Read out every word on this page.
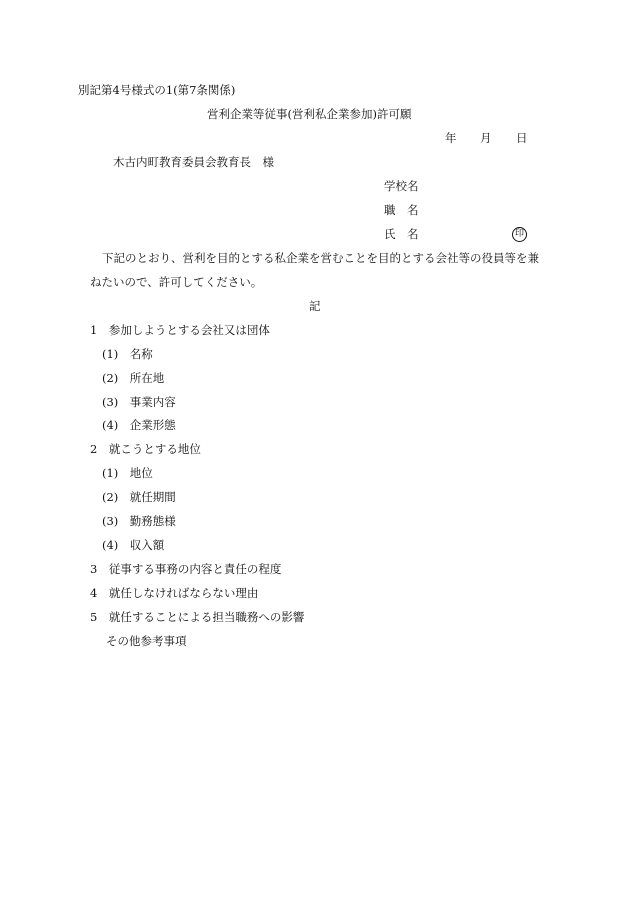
別記第4号様式の1(第7条関係)
営利企業等従事(営利私企業参加)許可願
年 月 日
木古内町教育委員会教育長　様
学校名
職　名
氏　名	印
下記のとおり、営利を目的とする私企業を営むことを目的とする会社等の役員等を兼
ねたいので、許可してください。
記
1　参加しようとする会社又は団体
(1)　名称
(2)　所在地
(3)　事業内容
(4)　企業形態
2　就こうとする地位
(1)　地位
(2)　就任期間
(3)　勤務態様
(4)　収入額
3　従事する事務の内容と責任の程度
4　就任しなければならない理由
5　就任することによる担当職務への影響
その他参考事項
